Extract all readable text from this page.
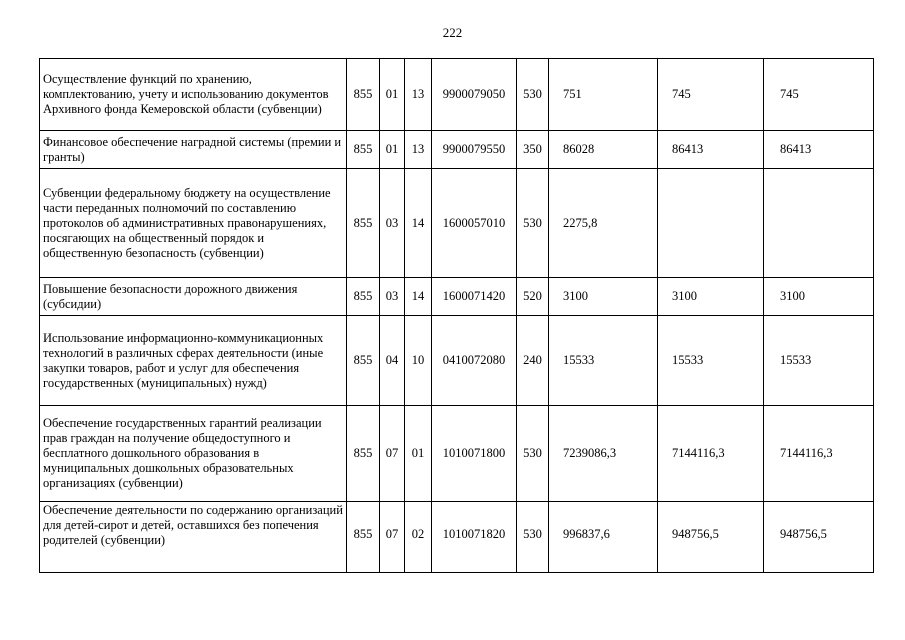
222
Осуществление функций по хранению, комплектованию, учету и использованию документов Архивного фонда Кемеровской области (субвенции)	855	01	13	9900079050	530	751	745	745
Финансовое обеспечение наградной системы (премии и гранты)	855	01	13	9900079550	350	86028	86413	86413
Субвенции федеральному бюджету на осуществление части переданных полномочий по составлению протоколов об административных правонарушениях, посягающих на общественный порядок и общественную безопасность (субвенции)	855	03	14	1600057010	530	2275,8		
Повышение безопасности дорожного движения (субсидии)	855	03	14	1600071420	520	3100	3100	3100
Использование информационно-коммуникационных технологий в различных сферах деятельности (иные закупки товаров, работ и услуг для обеспечения государственных (муниципальных) нужд)	855	04	10	0410072080	240	15533	15533	15533
Обеспечение государственных гарантий реализации прав граждан на получение общедоступного и бесплатного дошкольного образования в муниципальных дошкольных образовательных организациях (субвенции)	855	07	01	1010071800	530	7239086,3	7144116,3	7144116,3
Обеспечение деятельности по содержанию организаций для детей-сирот и детей, оставшихся без попечения родителей (субвенции)	855	07	02	1010071820	530	996837,6	948756,5	948756,5
